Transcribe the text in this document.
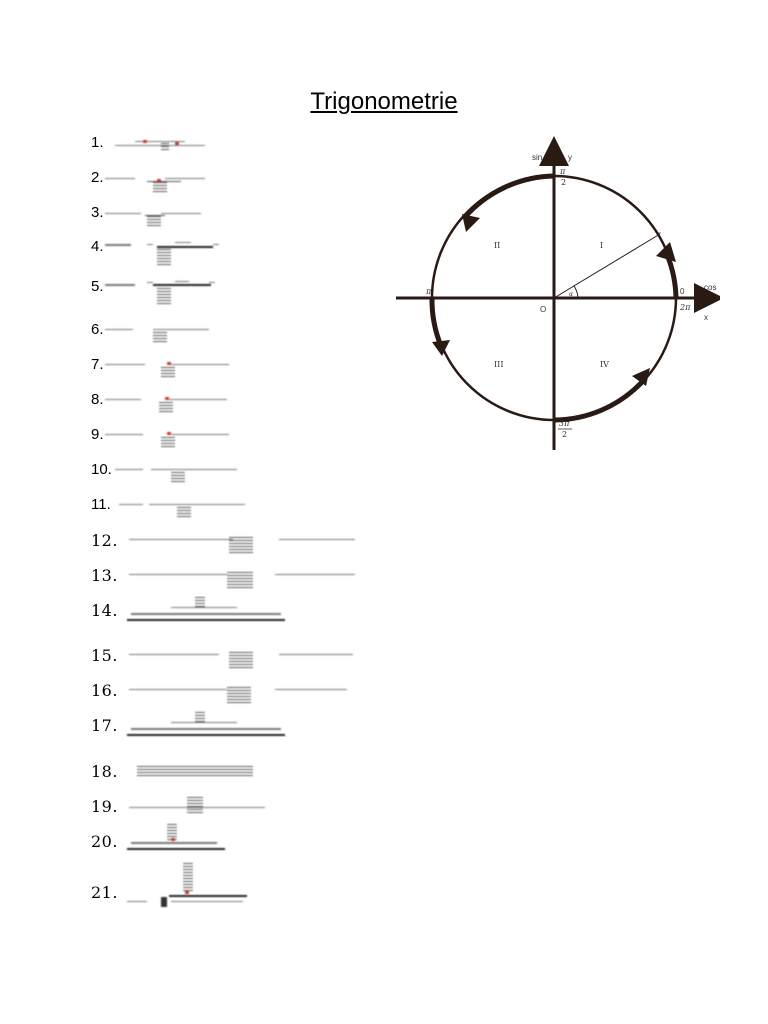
Trigonometrie
1.
2.
3.
4.
5.
6.
7.
8.
9.
10.
11.
12.
13.
14.
15.
16.
17.
18.
19.
20.
21.
sin	y
cos
x
O
π
2
π	0
2π
3π
2
I
II
III	IV
r
α
